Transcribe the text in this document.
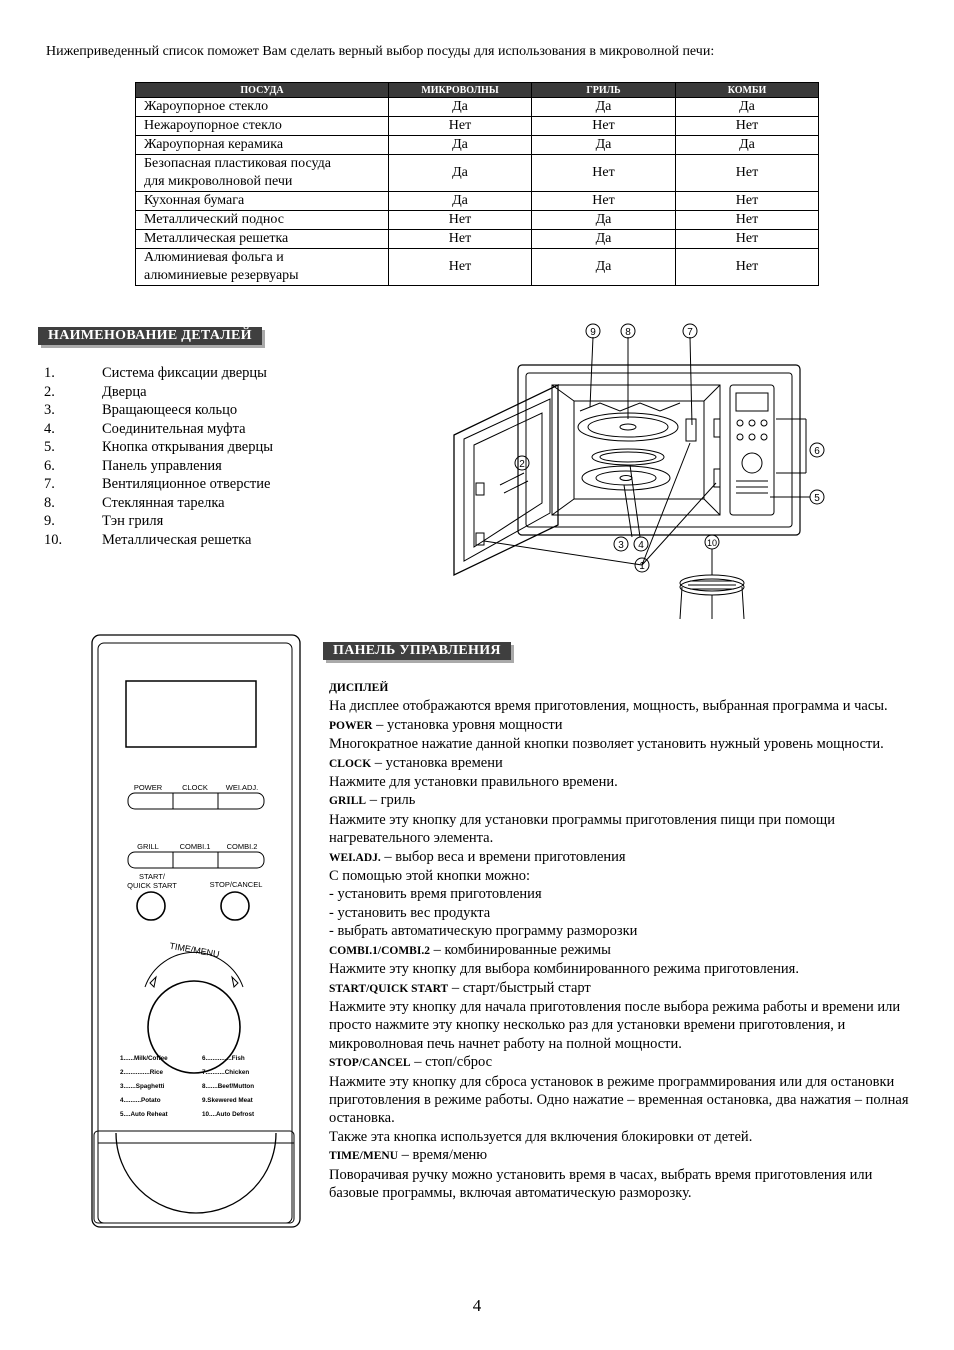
Нижеприведенный список поможет Вам сделать верный выбор посуды для использования в микроволной печи:
ПОСУДА	МИКРОВОЛНЫ	ГРИЛЬ	КОМБИ
Жароупорное стекло	Да	Да	Да
Нежароупорное стекло	Нет	Нет	Нет
Жароупорная керамика	Да	Да	Да
Безопасная пластиковая посуда
для микроволновой печи	Да	Нет	Нет
Кухонная бумага	Да	Нет	Нет
Металлический поднос	Нет	Да	Нет
Металлическая решетка	Нет	Да	Нет
Алюминиевая фольга и
алюминиевые резервуары	Нет	Да	Нет
НАИМЕНОВАНИЕ ДЕТАЛЕЙ
1.	Система фиксации дверцы
2.	Дверца
3.	Вращающееся кольцо
4.	Соединительная муфта
5.	Кнопка открывания дверцы
6.	Панель управления
7.	Вентиляционное отверстие
8.	Стеклянная тарелка
9.	Тэн гриля
10.	Металлическая решетка
1
2
3 4
5
6
7
8
9
10
POWER	CLOCK WEI.ADJ.
GRILL	COMBI.1 COMBI.2
START/
QUICK START	STOP/CANCEL
TIME/MENU
1......Milk/Coffee
2...............Rice
3.......Spaghetti
4..........Potato
5....Auto Reheat
6...............Fish
7...........Chicken
8.......Beef/Mutton
9.Skewered Meat
10....Auto Defrost
ПАНЕЛЬ УПРАВЛЕНИЯ
ДИСПЛЕЙ
На дисплее отображаются время приготовления, мощность, выбранная программа и часы.
POWER – установка уровня мощности
Многократное нажатие данной кнопки позволяет установить нужный уровень мощности.
CLOCK – установка времени
Нажмите для установки правильного времени.
GRILL – гриль
Нажмите эту кнопку для установки программы приготовления пищи при помощи нагревательного элемента.
WEI.ADJ. – выбор веса и времени приготовления
С помощью этой кнопки можно:
- установить время приготовления
- установить вес продукта
- выбрать автоматическую программу разморозки
COMBI.1/COMBI.2 – комбинированные режимы
Нажмите эту кнопку для выбора комбинированного режима приготовления.
START/QUICK START – старт/быстрый старт
Нажмите эту кнопку для начала приготовления после выбора режима работы и времени или просто нажмите эту кнопку несколько раз для установки времени приготовления, и микроволновая печь начнет работу на полной мощности.
STOP/CANCEL – стоп/сброс
Нажмите эту кнопку для сброса установок в режиме программирования или для остановки приготовления в режиме работы. Одно нажатие – временная остановка, два нажатия – полная остановка.
Также эта кнопка используется для включения блокировки от детей.
TIME/MENU – время/меню
Поворачивая ручку можно установить время в часах, выбрать время приготовления или базовые программы, включая автоматическую разморозку.
4
